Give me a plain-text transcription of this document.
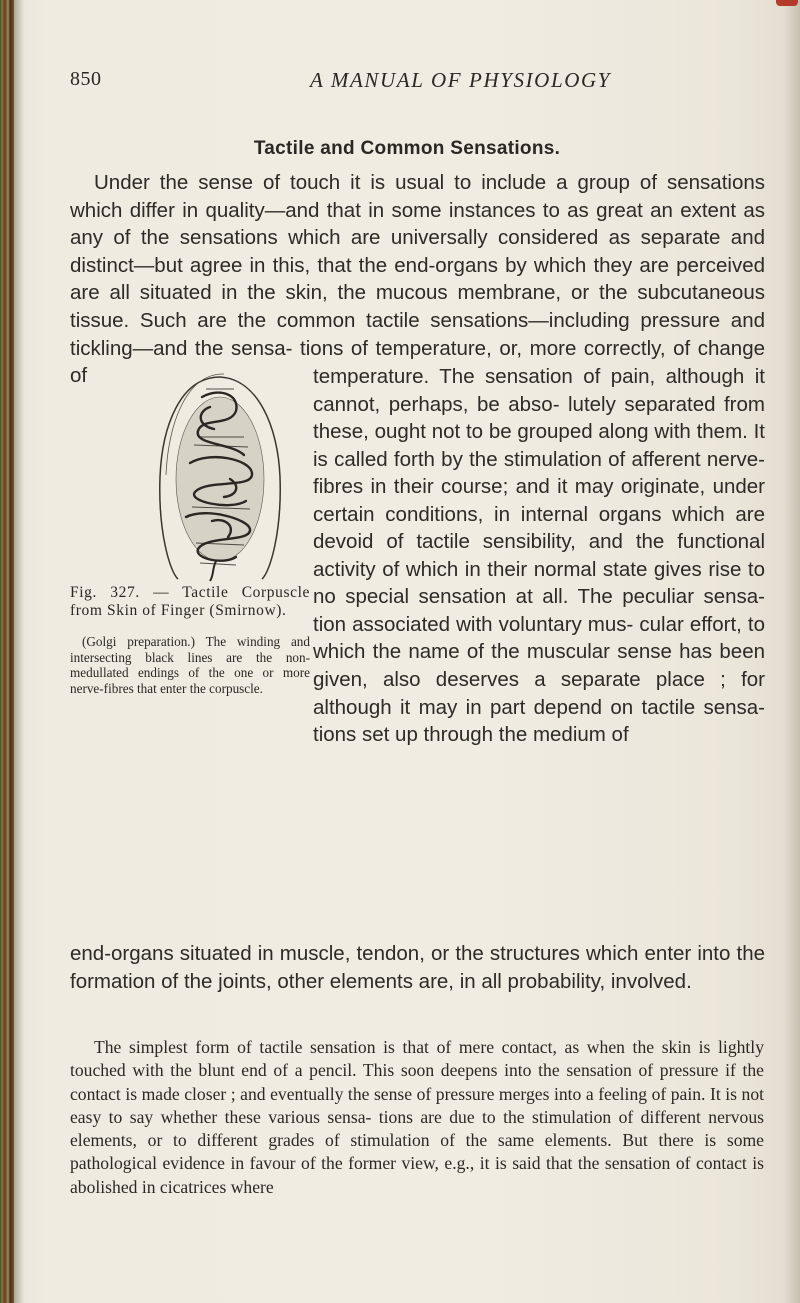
850	A MANUAL OF PHYSIOLOGY
Tactile and Common Sensations.

Under the sense of touch it is usual to include a group of sensations which differ in quality—and that in some instances to as great an extent as any of the sensations which are universally considered as separate and distinct—but agree in this, that the end-organs by which they are perceived are all situated in the skin, the mucous membrane, or the subcutaneous tissue. Such are the common tactile sensations—including pressure and tickling—and the sensa- tions of temperature, or, more correctly, of change of	temperature. The sensation of pain, although it cannot, perhaps, be abso- lutely separated from these, ought not to be grouped along with them. It is called forth by the stimulation of afferent nerve-fibres in their course; and it may originate, under certain conditions, in internal organs which are devoid of tactile sensibility, and the functional activity of which in their normal state gives rise to no special sensation at all. The peculiar sensa- tion associated with voluntary mus- cular effort, to which the name of the muscular sense has been given, also deserves a separate place ; for although it may in part depend on tactile sensa- tions set up through the medium of

Fig. 327. — Tactile Corpuscle from Skin of Finger (Smirnow).

(Golgi preparation.) The winding and intersecting black lines are the non- medullated endings of the one or more nerve-fibres that enter the corpuscle.

end-organs situated in muscle, tendon, or the structures which enter into the formation of the joints, other elements are, in all probability, involved.

The simplest form of tactile sensation is that of mere contact, as when the skin is lightly touched with the blunt end of a pencil. This soon deepens into the sensation of pressure if the contact is made closer ; and eventually the sense of pressure merges into a feeling of pain. It is not easy to say whether these various sensa- tions are due to the stimulation of different nervous elements, or to different grades of stimulation of the same elements. But there is some pathological evidence in favour of the former view, e.g., it is said that the sensation of contact is abolished in cicatrices where
